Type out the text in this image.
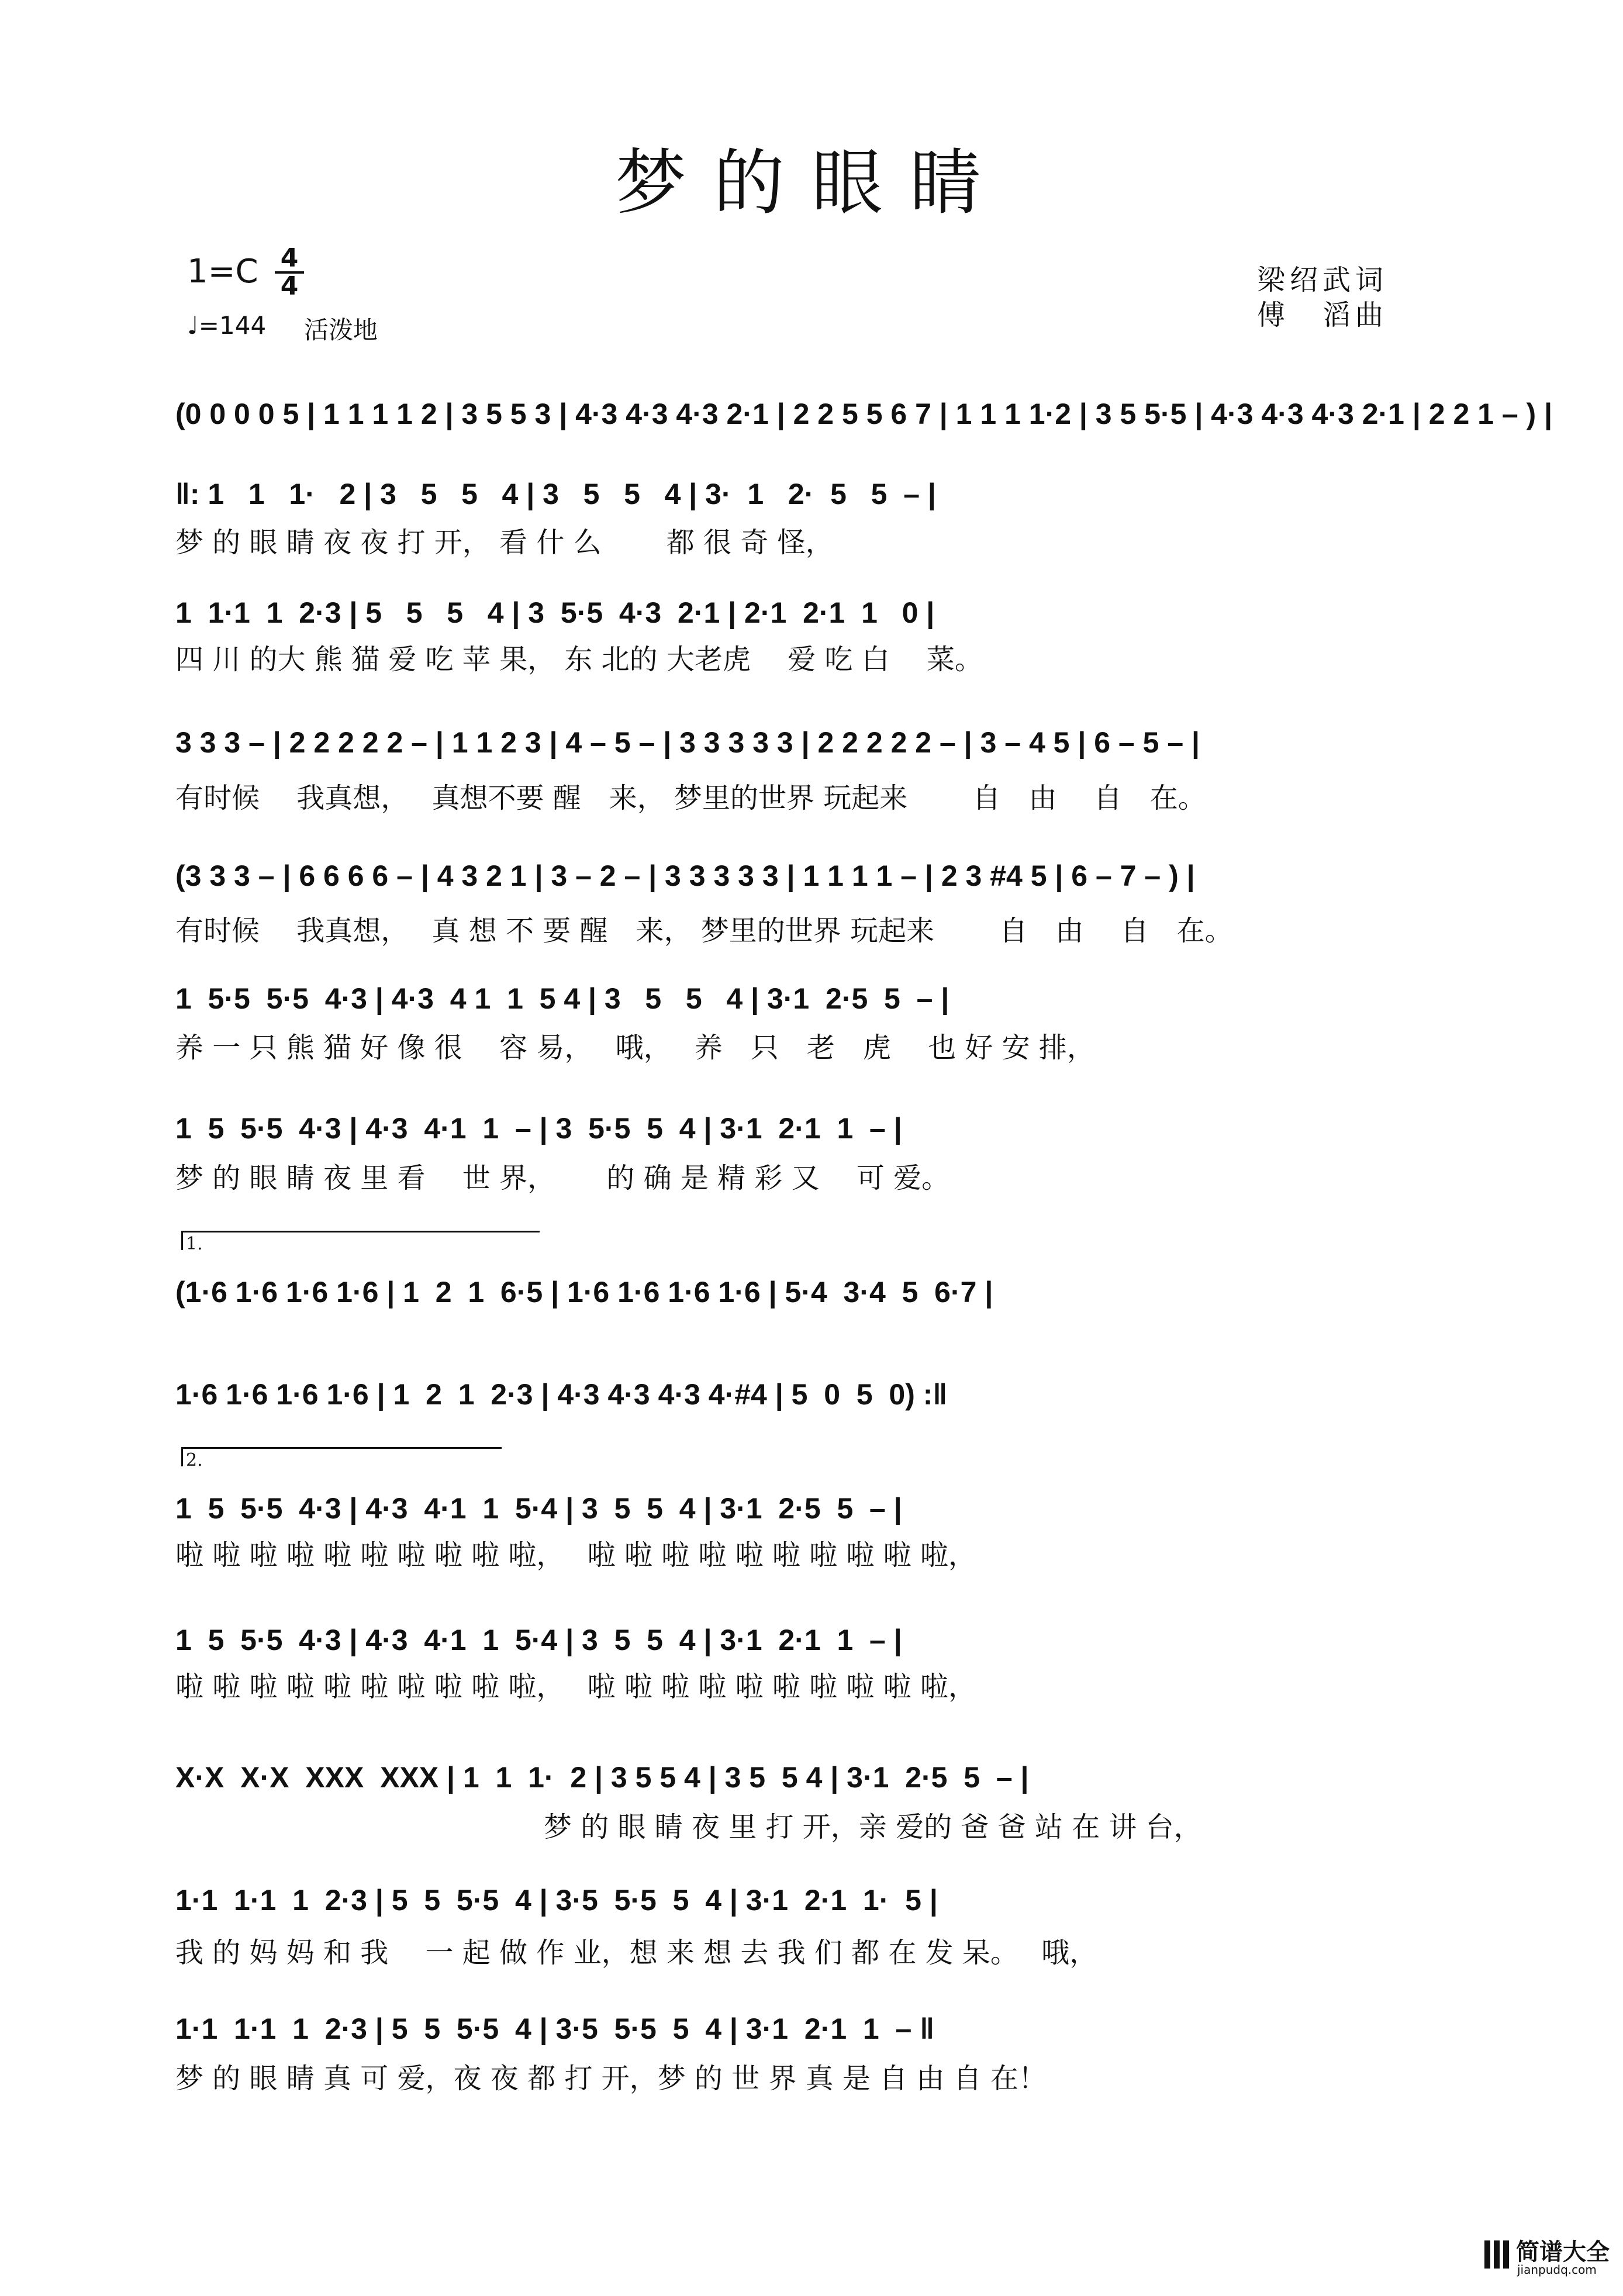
梦的眼睛
1=C 4
4
♩=144 活泼地
梁绍武词
傅　滔曲
(0 0 0 0 5 | 1 1 1 1 2 | 3 5 5 3 | 4·3 4·3 4·3 2·1 | 2 2 5 5 6 7 | 1 1 1 1·2 | 3 5 5·5 | 4·3 4·3 4·3 2·1 | 2 2 1 – ) |
‖: 1   1   1·   2 | 3   5   5   4 | 3   5   5   4 | 3·  1   2·  5   5  – |
梦 的 眼 睛 夜 夜 打 开， 看 什 么　　 都 很 奇 怪，
1  1·1  1  2·3 | 5   5   5   4 | 3  5·5  4·3  2·1 | 2·1  2·1  1   0 |
四 川 的大 熊 猫 爱 吃 苹 果， 东 北的 大老虎　 爱 吃 白　 菜。
3 3 3 – | 2 2 2 2 2 – | 1 1 2 3 | 4 – 5 – | 3 3 3 3 3 | 2 2 2 2 2 – | 3 – 4 5 | 6 – 5 – |
有时候　 我真想，　 真想不要 醒　来， 梦里的世界 玩起来　　 自　由　 自　在。
(3 3 3 – | 6 6 6 6 – | 4 3 2 1 | 3 – 2 – | 3 3 3 3 3 | 1 1 1 1 – | 2 3 #4 5 | 6 – 7 – ) |
有时候　 我真想，　 真 想 不 要 醒　来， 梦里的世界 玩起来　　 自　由　 自　在。
1  5·5  5·5  4·3 | 4·3  4 1  1  5 4 | 3   5   5   4 | 3·1  2·5  5  – |
养 一 只 熊 猫 好 像 很　 容 易，　 哦，　 养　只　老　虎　 也 好 安 排，
1  5  5·5  4·3 | 4·3  4·1  1  – | 3  5·5  5  4 | 3·1  2·1  1  – |
梦 的 眼 睛 夜 里 看　 世 界，　　 的 确 是 精 彩 又　 可 爱。
1.
(1·6 1·6 1·6 1·6 | 1  2  1  6·5 | 1·6 1·6 1·6 1·6 | 5·4  3·4  5  6·7 |
1·6 1·6 1·6 1·6 | 1  2  1  2·3 | 4·3 4·3 4·3 4·#4 | 5  0  5  0) :‖
2.
1  5  5·5  4·3 | 4·3  4·1  1  5·4 | 3  5  5  4 | 3·1  2·5  5  – |
啦 啦 啦 啦 啦 啦 啦 啦 啦 啦，　 啦 啦 啦 啦 啦 啦 啦 啦 啦 啦，
1  5  5·5  4·3 | 4·3  4·1  1  5·4 | 3  5  5  4 | 3·1  2·1  1  – |
啦 啦 啦 啦 啦 啦 啦 啦 啦 啦，　 啦 啦 啦 啦 啦 啦 啦 啦 啦 啦，
X·X  X·X  XXX  XXX | 1  1  1·  2 | 3 5 5 4 | 3 5  5 4 | 3·1  2·5  5  – |
梦 的 眼 睛 夜 里 打 开，亲 爱的 爸 爸 站 在 讲 台，
1·1  1·1  1  2·3 | 5  5  5·5  4 | 3·5  5·5  5  4 | 3·1  2·1  1·  5 |
我 的 妈 妈 和 我　 一 起 做 作 业，想 来 想 去 我 们 都 在 发 呆。　 哦，
1·1  1·1  1  2·3 | 5  5  5·5  4 | 3·5  5·5  5  4 | 3·1  2·1  1  – ‖
梦 的 眼 睛 真 可 爱，夜 夜 都 打 开，梦 的 世 界 真 是 自 由 自 在！
简谱大全
jianpudq.com
